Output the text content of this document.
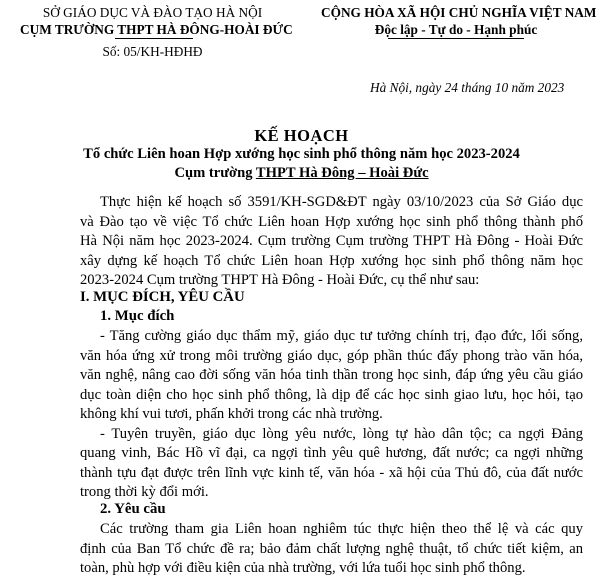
SỞ GIÁO DỤC VÀ ĐÀO TẠO HÀ NỘI
CỤM TRƯỜNG THPT HÀ ĐÔNG-HOÀI ĐỨC
Số: 05/KH-HĐHĐ
CỘNG HÒA XÃ HỘI CHỦ NGHĨA VIỆT NAM
Độc lập - Tự do - Hạnh phúc
Hà Nội, ngày 24 tháng 10 năm 2023
KẾ HOẠCH
Tổ chức Liên hoan Hợp xướng học sinh phổ thông năm học 2023-2024
Cụm trường THPT Hà Đông – Hoài Đức
Thực hiện kế hoạch số 3591/KH-SGD&ĐT ngày 03/10/2023 của Sở Giáo dục
và Đào tạo về việc Tổ chức Liên hoan Hợp xướng học sinh phổ thông thành phố
Hà Nội năm học 2023-2024. Cụm trường Cụm trường THPT Hà Đông - Hoài Đức
xây dựng kế hoạch Tổ chức Liên hoan Hợp xướng học sinh phổ thông năm học
2023-2024 Cụm trường THPT Hà Đông - Hoài Đức, cụ thể như sau:
I. MỤC ĐÍCH, YÊU CẦU
1. Mục đích
- Tăng cường giáo dục thẩm mỹ, giáo dục tư tưởng chính trị, đạo đức, lối sống,
văn hóa ứng xử trong môi trường giáo dục, góp phần thúc đẩy phong trào văn hóa,
văn nghệ, nâng cao đời sống văn hóa tinh thần trong học sinh, đáp ứng yêu cầu giáo
dục toàn diện cho học sinh phổ thông, là dịp để các học sinh giao lưu, học hỏi, tạo
không khí vui tươi, phấn khởi trong các nhà trường.
- Tuyên truyền, giáo dục lòng yêu nước, lòng tự hào dân tộc; ca ngợi Đảng
quang vinh, Bác Hồ vĩ đại, ca ngợi tình yêu quê hương, đất nước; ca ngợi những
thành tựu đạt được trên lĩnh vực kinh tế, văn hóa - xã hội của Thủ đô, của đất nước
trong thời kỳ đổi mới.
2. Yêu cầu
Các trường tham gia Liên hoan nghiêm túc thực hiện theo thể lệ và các quy
định của Ban Tổ chức đề ra; bảo đảm chất lượng nghệ thuật, tổ chức tiết kiệm, an
toàn, phù hợp với điều kiện của nhà trường, với lứa tuổi học sinh phổ thông.
